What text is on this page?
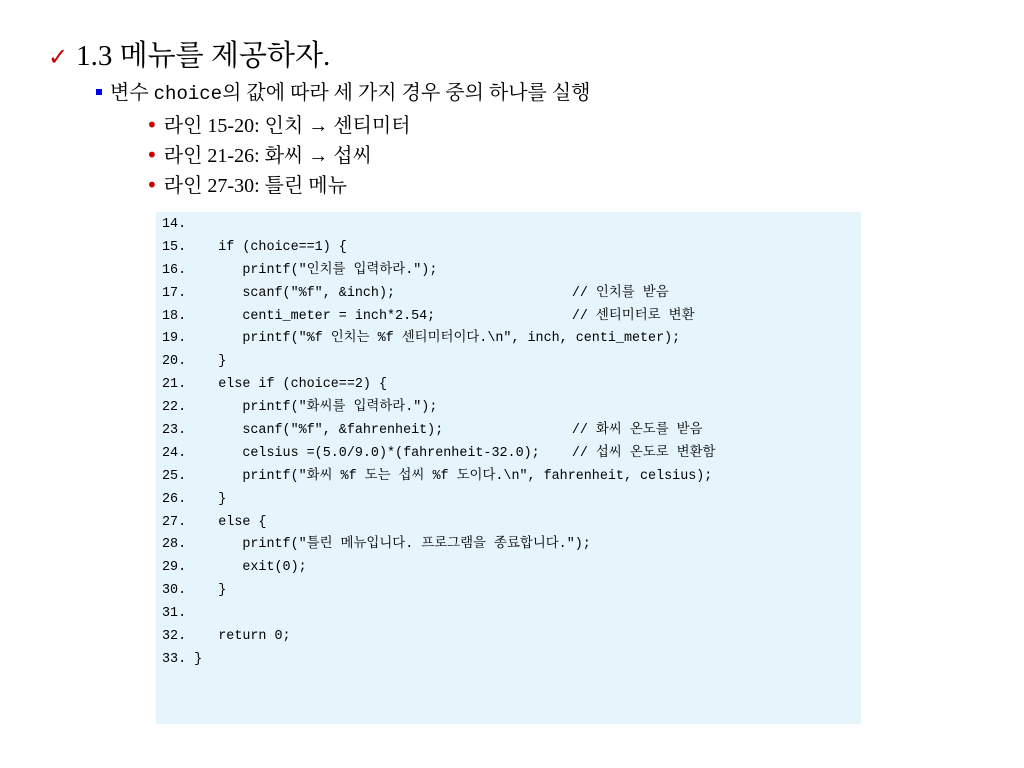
✓ 1.3 메뉴를 제공하자.
변수 choice의 값에 따라 세 가지 경우 중의 하나를 실행
• 라인 15-20: 인치 → 센티미터
• 라인 21-26: 화씨 → 섭씨
• 라인 27-30: 틀린 메뉴
14.
15.    if (choice==1) {
16.       printf("인치를 입력하라.");
17.       scanf("%f", &inch);                      // 인치를 받음
18.       centi_meter = inch*2.54;                 // 센티미터로 변환
19.       printf("%f 인치는 %f 센티미터이다.\n", inch, centi_meter);
20.    }
21.    else if (choice==2) {
22.       printf("화씨를 입력하라.");
23.       scanf("%f", &fahrenheit);                // 화씨 온도를 받음
24.       celsius =(5.0/9.0)*(fahrenheit-32.0);    // 섭씨 온도로 변환함
25.       printf("화씨 %f 도는 섭씨 %f 도이다.\n", fahrenheit, celsius);
26.    }
27.    else {
28.       printf("틀린 메뉴입니다. 프로그램을 종료합니다.");
29.       exit(0);
30.    }
31.
32.    return 0;
33. }
